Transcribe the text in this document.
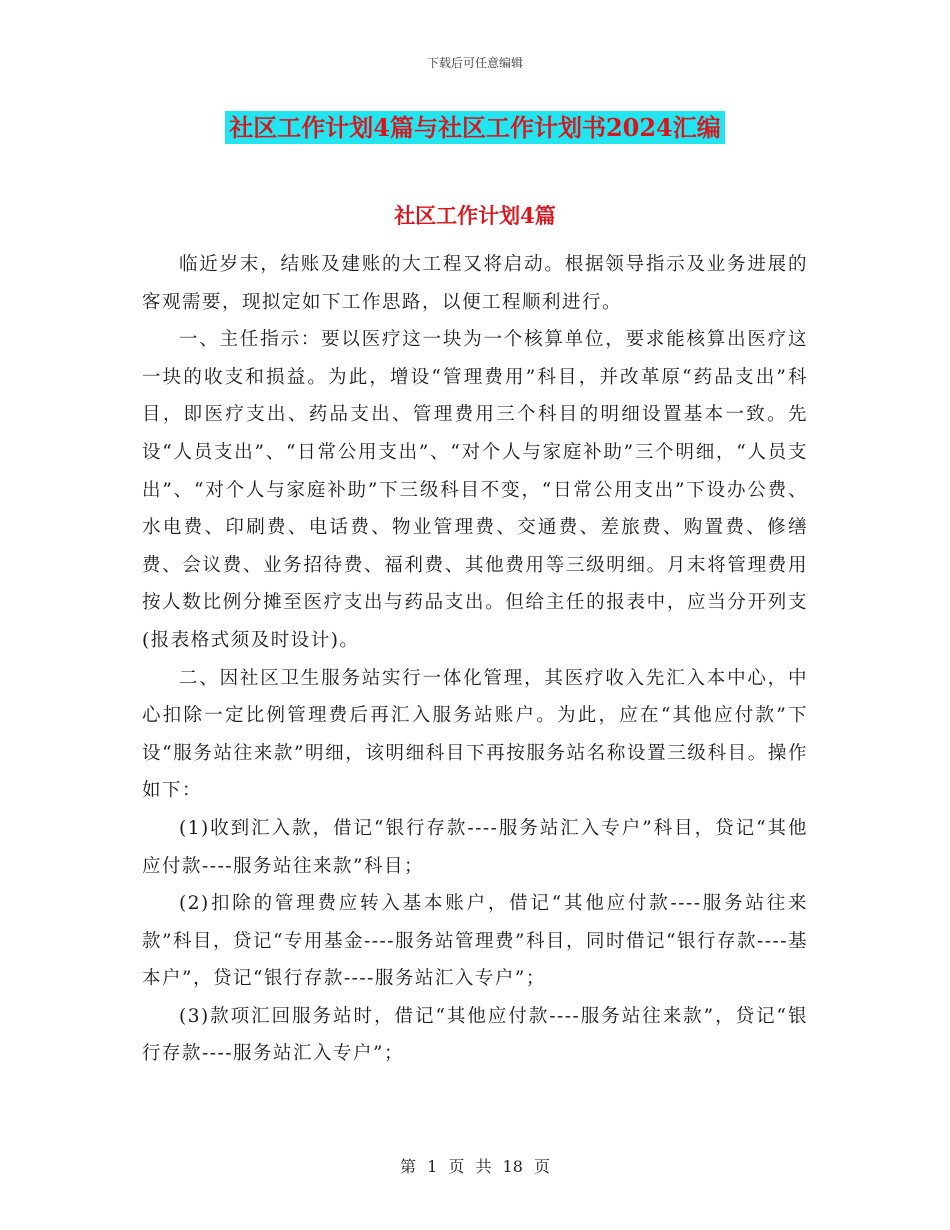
下载后可任意编辑
社区工作计划4篇与社区工作计划书2024汇编
社区工作计划4篇

临近岁末，结账及建账的大工程又将启动。根据领导指示及业务进展的客观需要，现拟定如下工作思路，以便工程顺利进行。

一、主任指示：要以医疗这一块为一个核算单位，要求能核算出医疗这一块的收支和损益。为此，增设“管理费用”科目，并改革原“药品支出”科目，即医疗支出、药品支出、管理费用三个科目的明细设置基本一致。先设“人员支出”、“日常公用支出”、“对个人与家庭补助”三个明细，“人员支出”、“对个人与家庭补助”下三级科目不变，“日常公用支出”下设办公费、水电费、印刷费、电话费、物业管理费、交通费、差旅费、购置费、修缮费、会议费、业务招待费、福利费、其他费用等三级明细。月末将管理费用按人数比例分摊至医疗支出与药品支出。但给主任的报表中，应当分开列支(报表格式须及时设计)。

二、因社区卫生服务站实行一体化管理，其医疗收入先汇入本中心，中心扣除一定比例管理费后再汇入服务站账户。为此，应在“其他应付款”下设“服务站往来款”明细，该明细科目下再按服务站名称设置三级科目。操作如下：

(1)收到汇入款，借记“银行存款----服务站汇入专户”科目，贷记“其他应付款----服务站往来款”科目；

(2)扣除的管理费应转入基本账户，借记“其他应付款----服务站往来款”科目，贷记“专用基金----服务站管理费”科目，同时借记“银行存款----基本户”，贷记“银行存款----服务站汇入专户”；

(3)款项汇回服务站时，借记“其他应付款----服务站往来款”，贷记“银行存款----服务站汇入专户”；

第 1 页 共 18 页
